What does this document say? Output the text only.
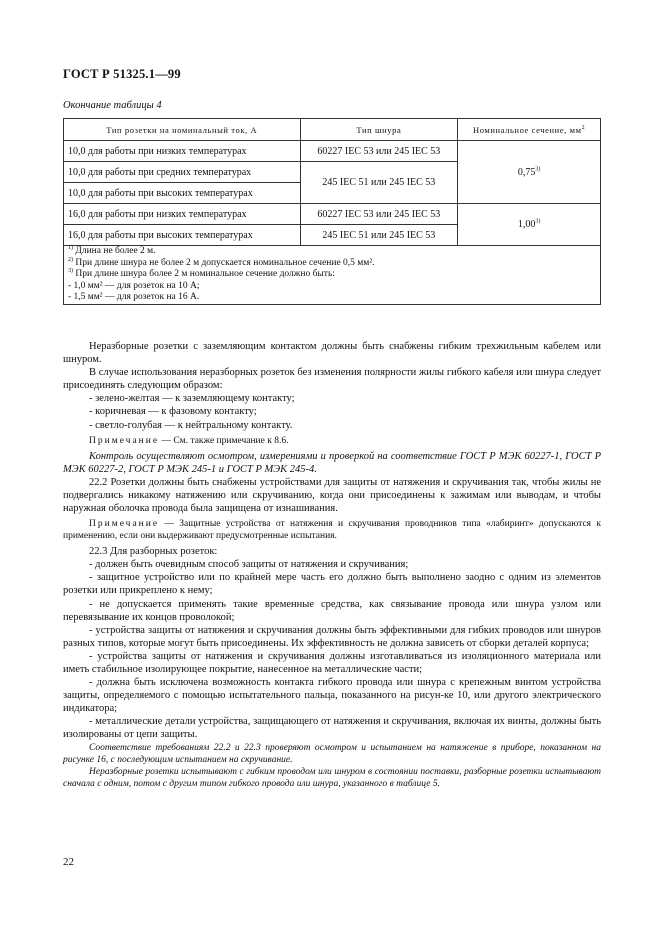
ГОСТ Р 51325.1—99
Окончание таблицы 4
Тип розетки на номинальный ток, А	Тип шнура	Номинальное сечение, $мм^2$
10,0 для работы при низких температурах	60227 IEC 53 или 245 IEC 53	0,75$^{3)}$
10,0 для работы при средних температурах	245 IEC 51 или 245 IEC 53	
10,0 для работы при высоких температурах		
16,0 для работы при низких температурах	60227 IEC 53 или 245 IEC 53	1,00$^{3)}$
16,0 для работы при высоких температурах	245 IEC 51 или 245 IEC 53	

$^{1)}$ Длина не более 2 м.
$^{2)}$ При длине шнура не более 2 м допускается номинальное сечение 0,5 мм².
$^{3)}$ При длине шнура более 2 м номинальное сечение должно быть:
- 1,0 мм² — для розеток на 10 А;
- 1,5 мм² — для розеток на 16 А.		

Неразборные розетки с заземляющим контактом должны быть снабжены гибким трехжильным кабелем или шнуром.

В случае использования неразборных розеток без изменения полярности жилы гибкого кабеля или шнура следует присоединять следующим образом:

- зелено-желтая — к заземляющему контакту;

- коричневая — к фазовому контакту;

- светло-голубая — к нейтральному контакту.

Примечание — См. также примечание к 8.6.

Контроль осуществляют осмотром, измерениями и проверкой на соответствие ГОСТ Р МЭК 60227-1, ГОСТ Р МЭК 60227-2, ГОСТ Р МЭК 245-1 и ГОСТ Р МЭК 245-4.

22.2 Розетки должны быть снабжены устройствами для защиты от натяжения и скручивания так, чтобы жилы не подвергались никакому натяжению или скручиванию, когда они присоединены к зажимам или выводам, и чтобы наружная оболочка провода была защищена от изнашивания.

Примечание — Защитные устройства от натяжения и скручивания проводников типа «лабиринт» допускаются к применению, если они выдерживают предусмотренные испытания.

22.3 Для разборных розеток:

- должен быть очевидным способ защиты от натяжения и скручивания;

- защитное устройство или по крайней мере часть его должно быть выполнено заодно с одним из элементов розетки или прикреплено к нему;

- не допускается применять такие временные средства, как связывание провода или шнура узлом или перевязывание их концов проволокой;

- устройства защиты от натяжения и скручивания должны быть эффективными для гибких проводов или шнуров разных типов, которые могут быть присоединены. Их эффективность не должна зависеть от сборки деталей корпуса;

- устройства защиты от натяжения и скручивания должны изготавливаться из изоляционного материала или иметь стабильное изолирующее покрытие, нанесенное на металлические части;

- должна быть исключена возможность контакта гибкого провода или шнура с крепежным винтом устройства защиты, определяемого с помощью испытательного пальца, показанного на рисун-ке 10, или другого электрического индикатора;

- металлические детали устройства, защищающего от натяжения и скручивания, включая их винты, должны быть изолированы от цепи защиты.

Соответствие требованиям 22.2 и 22.3 проверяют осмотром и испытанием на натяжение в приборе, показанном на рисунке 16, с последующим испытанием на скручивание.

Неразборные розетки испытывают с гибким проводом или шнуром в состоянии поставки, разборные розетки испытывают сначала с одним, потом с другим типом гибкого провода или шнура, указанного в таблице 5.

22
